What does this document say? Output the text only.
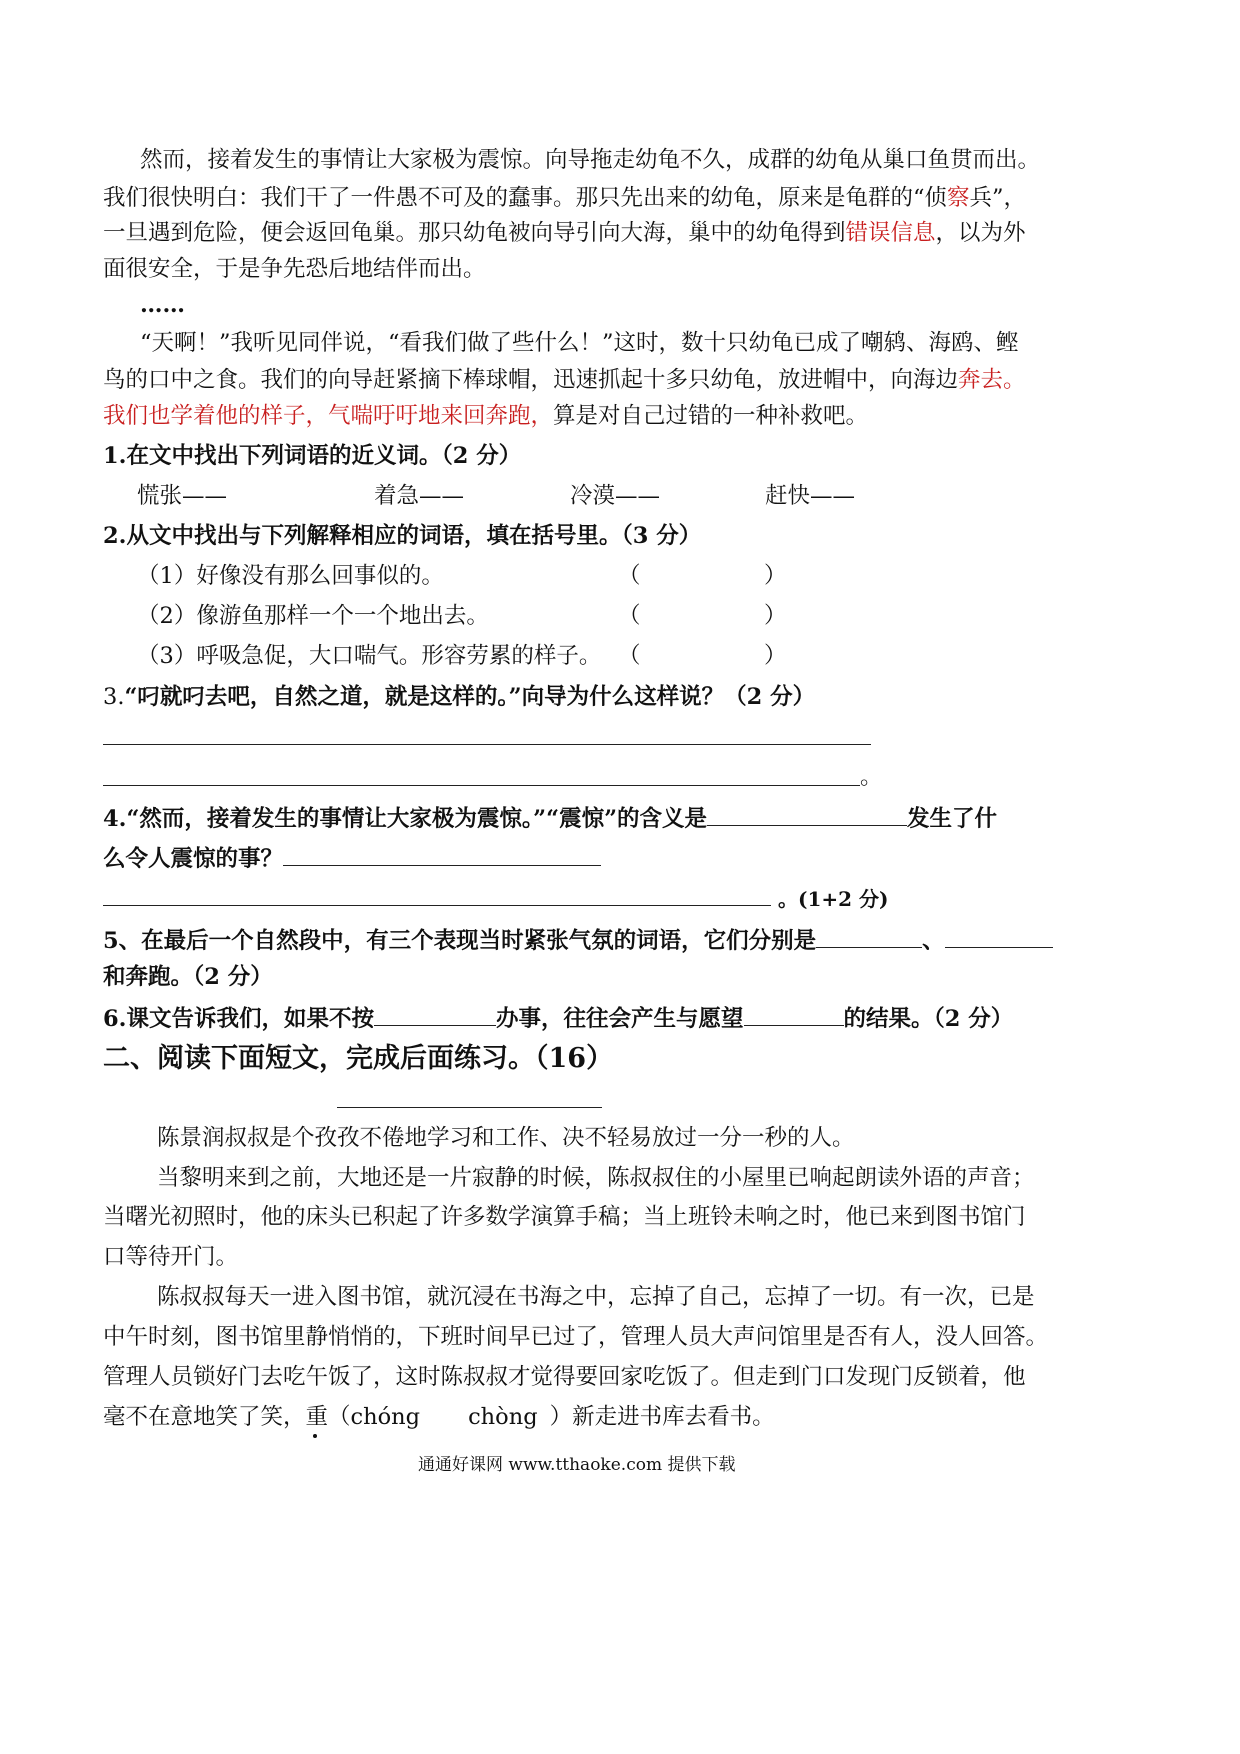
然而，接着发生的事情让大家极为震惊。向导拖走幼龟不久，成群的幼龟从巢口鱼贯而出。
我们很快明白：我们干了一件愚不可及的蠢事。那只先出来的幼龟，原来是龟群的“侦察兵”，
一旦遇到危险，便会返回龟巢。那只幼龟被向导引向大海，巢中的幼龟得到错误信息，以为外
面很安全，于是争先恐后地结伴而出。
……
“天啊！”我听见同伴说，“看我们做了些什么！”这时，数十只幼龟已成了嘲鸫、海鸥、鲣
鸟的口中之食。我们的向导赶紧摘下棒球帽，迅速抓起十多只幼龟，放进帽中，向海边奔去。
我们也学着他的样子，气喘吁吁地来回奔跑，算是对自己过错的一种补救吧。
1.在文中找出下列词语的近义词。（2 分）
慌张——	着急——	冷漠——	赶快——
2.从文中找出与下列解释相应的词语，填在括号里。（3 分）
（1）好像没有那么回事似的。	（	）
（2）像游鱼那样一个一个地出去。	（	）
（3）呼吸急促，大口喘气。形容劳累的样子。 （	）
3.“叼就叼去吧，自然之道，就是这样的。”向导为什么这样说？（2 分）
。
4.“然而，接着发生的事情让大家极为震惊。”“震惊”的含义是	发生了什
么令人震惊的事？
。(1+2 分)
5、在最后一个自然段中，有三个表现当时紧张气氛的词语，它们分别是	、
和奔跑。（2 分）
6.课文告诉我们，如果不按	办事，往往会产生与愿望	的结果。（2 分）
二、阅读下面短文，完成后面练习。（16）
陈景润叔叔是个孜孜不倦地学习和工作、决不轻易放过一分一秒的人。
当黎明来到之前，大地还是一片寂静的时候，陈叔叔住的小屋里已响起朗读外语的声音；
当曙光初照时，他的床头已积起了许多数学演算手稿；当上班铃未响之时，他已来到图书馆门
口等待开门。
陈叔叔每天一进入图书馆，就沉浸在书海之中，忘掉了自己，忘掉了一切。有一次，已是
中午时刻，图书馆里静悄悄的，下班时间早已过了，管理人员大声问馆里是否有人，没人回答。
管理人员锁好门去吃午饭了，这时陈叔叔才觉得要回家吃饭了。但走到门口发现门反锁着，他
毫不在意地笑了笑，重（chóng chòng ）新走进书库去看书。
通通好课网 www.tthaoke.com 提供下载
